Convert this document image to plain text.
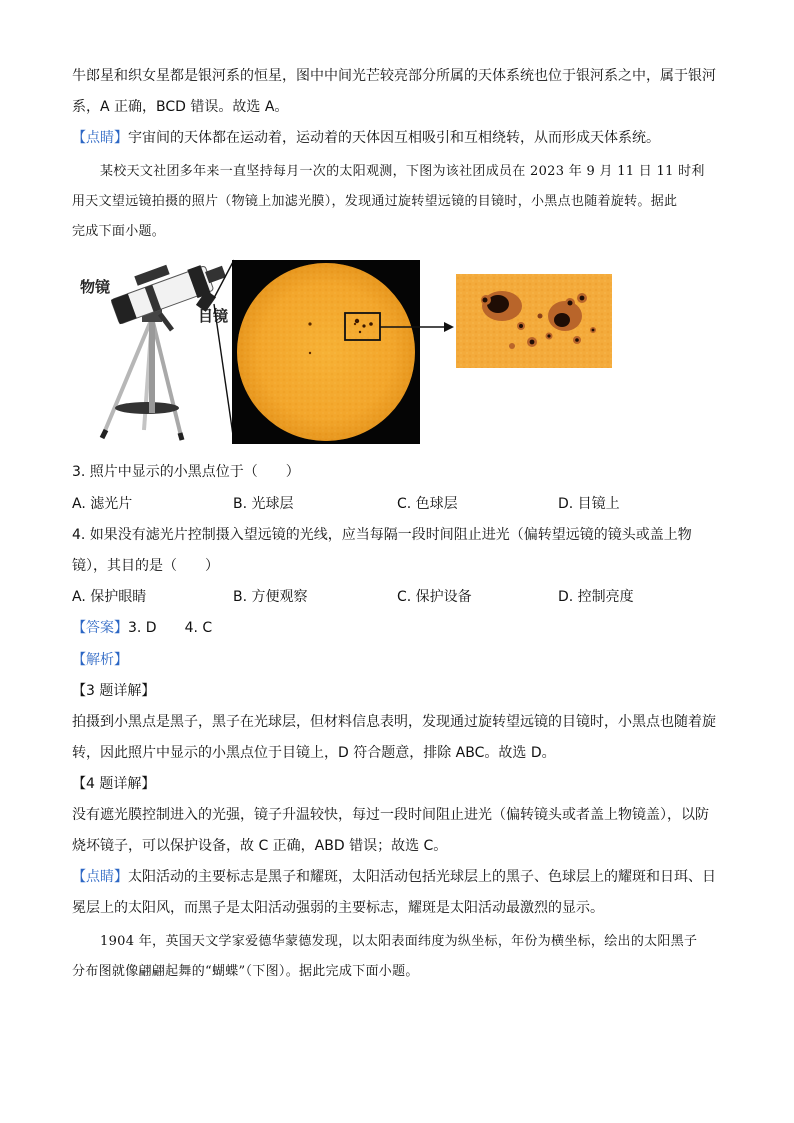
牛郎星和织女星都是银河系的恒星，图中中间光芒较亮部分所属的天体系统也位于银河系之中，属于银河
系，A 正确，BCD 错误。故选 A。
【点睛】宇宙间的天体都在运动着，运动着的天体因互相吸引和互相绕转，从而形成天体系统。
某校天文社团多年来一直坚持每月一次的太阳观测，下图为该社团成员在 2023 年 9 月 11 日 11 时利
用天文望远镜拍摄的照片（物镜上加滤光膜），发现通过旋转望远镜的目镜时，小黑点也随着旋转。据此
完成下面小题。
物镜
目镜
3. 照片中显示的小黑点位于（　　）
A. 滤光片	B. 光球层	C. 色球层	D. 目镜上
4. 如果没有滤光片控制摄入望远镜的光线，应当每隔一段时间阻止进光（偏转望远镜的镜头或盖上物
镜），其目的是（　　）
A. 保护眼睛	B. 方便观察	C. 保护设备	D. 控制亮度
【答案】3. D　　4. C
【解析】
【3 题详解】
拍摄到小黑点是黑子，黑子在光球层，但材料信息表明，发现通过旋转望远镜的目镜时，小黑点也随着旋
转，因此照片中显示的小黑点位于目镜上，D 符合题意，排除 ABC。故选 D。
【4 题详解】
没有遮光膜控制进入的光强，镜子升温较快，每过一段时间阻止进光（偏转镜头或者盖上物镜盖），以防
烧坏镜子，可以保护设备，故 C 正确，ABD 错误；故选 C。
【点睛】太阳活动的主要标志是黑子和耀斑，太阳活动包括光球层上的黑子、色球层上的耀斑和日珥、日
冕层上的太阳风，而黑子是太阳活动强弱的主要标志，耀斑是太阳活动最激烈的显示。
1904 年，英国天文学家爱德华蒙德发现，以太阳表面纬度为纵坐标，年份为横坐标，绘出的太阳黑子
分布图就像翩翩起舞的“蝴蝶”（下图）。据此完成下面小题。
